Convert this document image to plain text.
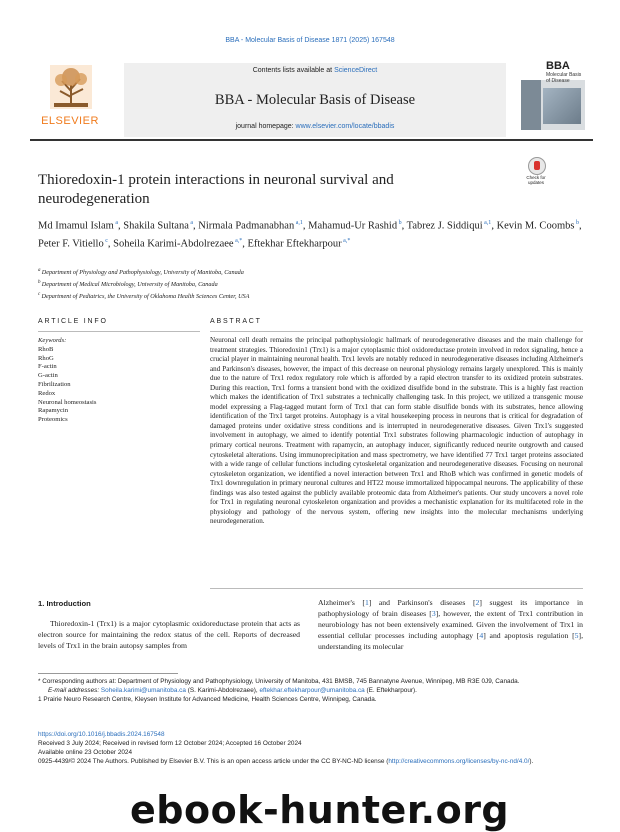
BBA - Molecular Basis of Disease 1871 (2025) 167548
ELSEVIER
Contents lists available at ScienceDirect
BBA - Molecular Basis of Disease
journal homepage: www.elsevier.com/locate/bbadis
BBA
Molecular Basis of Disease
Thioredoxin-1 protein interactions in neuronal survival and neurodegeneration
Check for updates
Md Imamul Islam $^a$, Shakila Sultana $^a$, Nirmala Padmanabhan $^{a,1}$, Mahamud-Ur Rashid $^b$, Tabrez J. Siddiqui $^{a,1}$, Kevin M. Coombs $^b$, Peter F. Vitiello $^c$, Soheila Karimi-Abdolrezaee $^{a,*}$, Eftekhar Eftekharpour $^{a,*}$
$^a$ Department of Physiology and Pathophysiology, University of Manitoba, Canada
$^b$ Department of Medical Microbiology, University of Manitoba, Canada
$^c$ Department of Pediatrics, the University of Oklahoma Health Sciences Center, USA
ARTICLE INFO	ABSTRACT
Keywords:
RhoB
RhoG
F-actin
G-actin
Fibrilization
Redox
Neuronal homeostasis
Rapamycin
Proteomics
Neuronal cell death remains the principal pathophysiologic hallmark of neurodegenerative diseases and the main challenge for treatment strategies. Thioredoxin1 (Trx1) is a major cytoplasmic thiol oxidoreductase protein involved in redox signaling, hence a crucial player in maintaining neuronal health. Trx1 levels are notably reduced in neurodegenerative diseases including Alzheimer's and Parkinson's diseases, however, the impact of this decrease on neuronal physiology remains largely unexplored. This is mainly due to the nature of Trx1 redox regulatory role which is afforded by a rapid electron transfer to its oxidized protein substrates. During this reaction, Trx1 forms a transient bond with the oxidized disulfide bond in the substrate. This is a highly fast reaction which makes the identification of Trx1 substrates a technically challenging task. In this project, we utilized a transgenic mouse model expressing a Flag-tagged mutant form of Trx1 that can form stable disulfide bonds with its substrates, hence allowing identification of the Trx1 target proteins. Autophagy is a vital housekeeping process in neurons that is critical for degradation of damaged proteins under oxidative stress conditions and is interrupted in neurodegenerative diseases. Given Trx1's suggested involvement in autophagy, we aimed to identify potential Trx1 substrates following pharmacologic induction of autophagy in primary cortical neurons. Treatment with rapamycin, an autophagy inducer, significantly reduced neurite outgrowth and caused cytoskeletal alterations. Using immunoprecipitation and mass spectrometry, we have identified 77 Trx1 target proteins associated with a wide range of cellular functions including cytoskeletal organization and neurodegenerative diseases. Focusing on neuronal cytoskeleton organization, we identified a novel interaction between Trx1 and RhoB which was confirmed in genetic models of Trx1 downregulation in primary neuronal cultures and HT22 mouse immortalized hippocampal neurons. The applicability of these findings was also tested against the publicly available proteomic data from Alzheimer's patients. Our study uncovers a novel role for Trx1 in regulating neuronal cytoskeleton organization and provides a mechanistic explanation for its multifaceted role in the physiology and pathology of the nervous system, offering new insights into the molecular mechanisms underlying neurodegeneration.
1. Introduction
Thioredoxin-1 (Trx1) is a major cytoplasmic oxidoreductase protein that acts as electron source for maintaining the redox status of the cell. Reports of decreased levels of Trx1 in the brain autopsy samples from
Alzheimer's [1] and Parkinson's diseases [2] suggest its importance in pathophysiology of brain diseases [3], however, the extent of Trx1 contribution in neurobiology has not been extensively examined. Given the involvement of Trx1 in essential cellular processes including autophagy [4] and apoptosis regulation [5], understanding its molecular
* Corresponding authors at: Department of Physiology and Pathophysiology, University of Manitoba, 431 BMSB, 745 Bannatyne Avenue, Winnipeg, MB R3E 0J9, Canada.
E-mail addresses: Soheila.karimi@umanitoba.ca (S. Karimi-Abdolrezaee), eftekhar.eftekharpour@umanitoba.ca (E. Eftekharpour).
1 Prairie Neuro Research Centre, Kleysen Institute for Advanced Medicine, Health Sciences Centre, Winnipeg, Canada.
https://doi.org/10.1016/j.bbadis.2024.167548
Received 3 July 2024; Received in revised form 12 October 2024; Accepted 16 October 2024
Available online 23 October 2024
0925-4439/© 2024 The Authors. Published by Elsevier B.V. This is an open access article under the CC BY-NC-ND license (http://creativecommons.org/licenses/by-nc-nd/4.0/).
ebook-hunter.org
